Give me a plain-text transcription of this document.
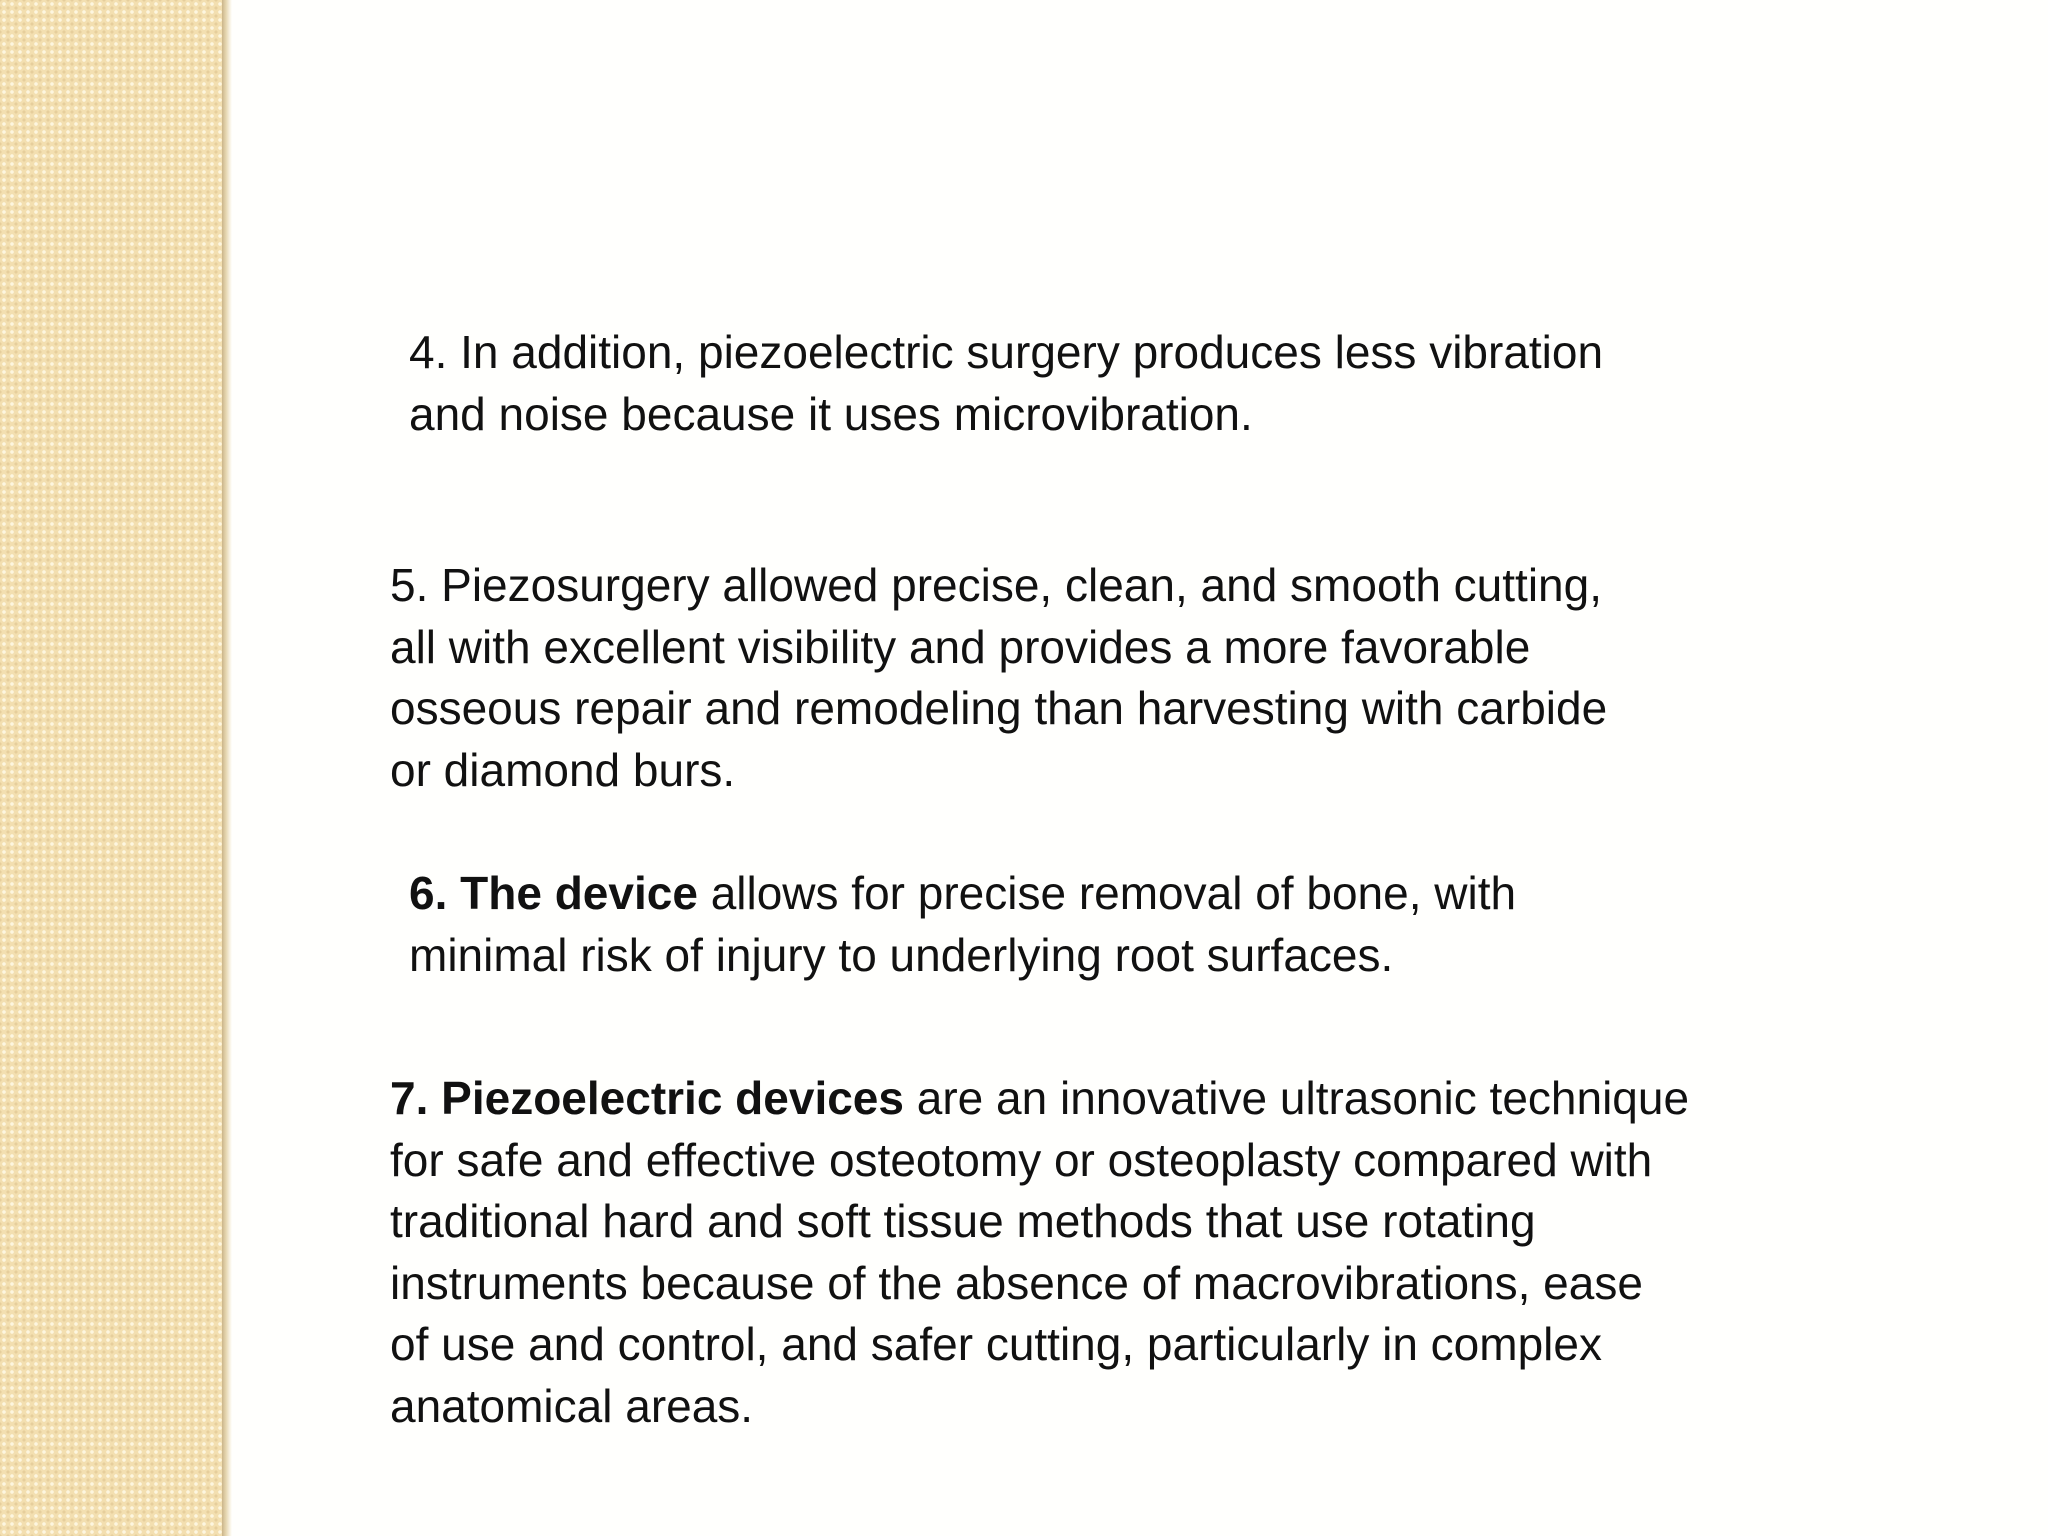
4. In addition, piezoelectric surgery produces less vibration
and noise because it uses microvibration.

5. Piezosurgery allowed precise, clean, and smooth cutting,
all with excellent visibility and provides a more favorable
osseous repair and remodeling than harvesting with carbide
or diamond burs.

6. The device allows for precise removal of bone, with
minimal risk of injury to underlying root surfaces.

7. Piezoelectric devices are an innovative ultrasonic technique
for safe and effective osteotomy or osteoplasty compared with
traditional hard and soft tissue methods that use rotating
instruments because of the absence of macrovibrations, ease
of use and control, and safer cutting, particularly in complex
anatomical areas.
